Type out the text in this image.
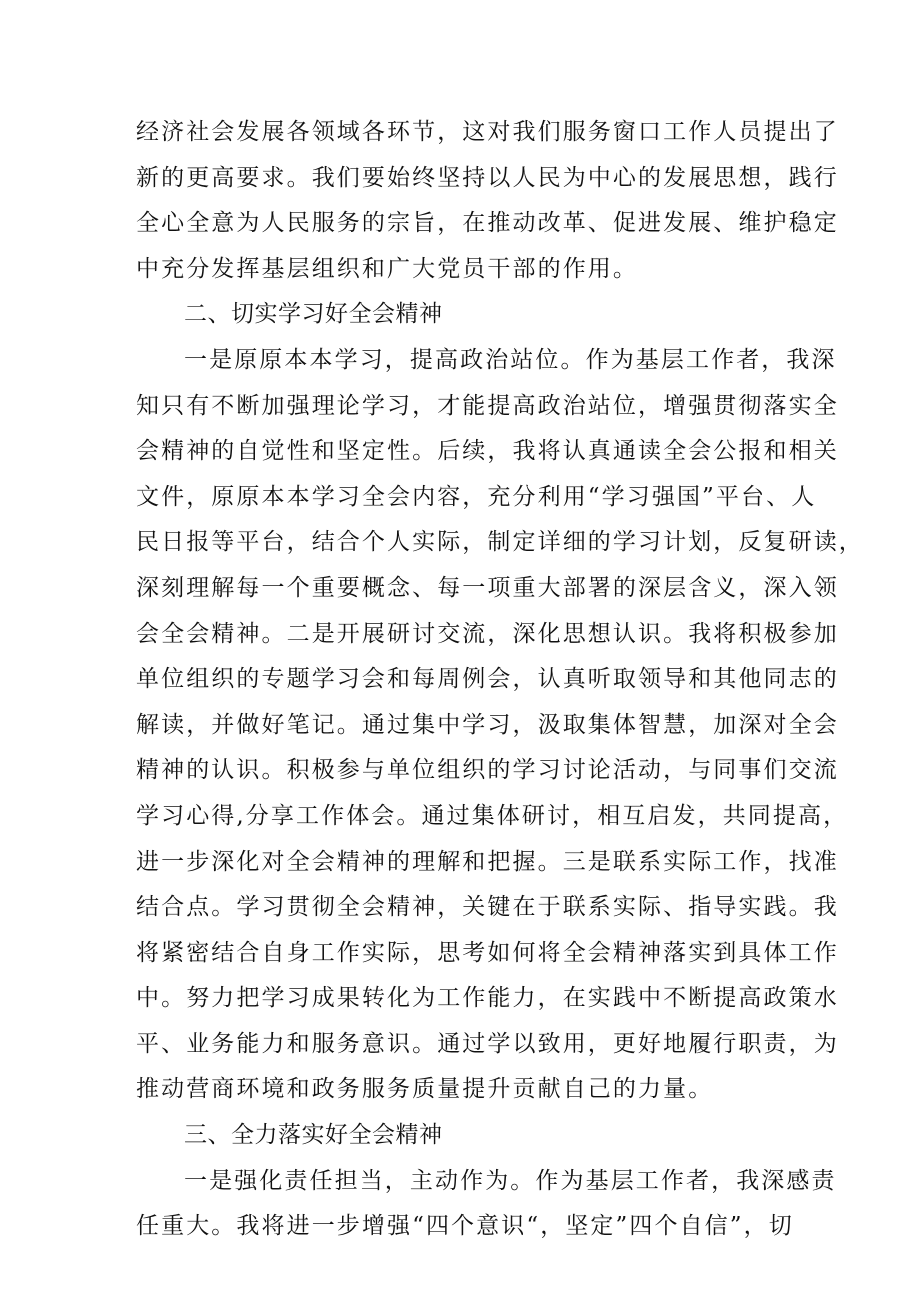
经济社会发展各领域各环节，这对我们服务窗口工作人员提出了
新的更高要求。我们要始终坚持以人民为中心的发展思想，践行
全心全意为人民服务的宗旨，在推动改革、促进发展、维护稳定
中充分发挥基层组织和广大党员干部的作用。
二、切实学习好全会精神
一是原原本本学习，提高政治站位。作为基层工作者，我深
知只有不断加强理论学习，才能提高政治站位，增强贯彻落实全
会精神的自觉性和坚定性。后续，我将认真通读全会公报和相关
文件，原原本本学习全会内容，充分利用“学习强国”平台、人
民日报等平台，结合个人实际，制定详细的学习计划，反复研读，
深刻理解每一个重要概念、每一项重大部署的深层含义，深入领
会全会精神。二是开展研讨交流，深化思想认识。我将积极参加
单位组织的专题学习会和每周例会，认真听取领导和其他同志的
解读，并做好笔记。通过集中学习，汲取集体智慧，加深对全会
精神的认识。积极参与单位组织的学习讨论活动，与同事们交流
学习心得,分享工作体会。通过集体研讨，相互启发，共同提高，
进一步深化对全会精神的理解和把握。三是联系实际工作，找准
结合点。学习贯彻全会精神，关键在于联系实际、指导实践。我
将紧密结合自身工作实际，思考如何将全会精神落实到具体工作
中。努力把学习成果转化为工作能力，在实践中不断提高政策水
平、业务能力和服务意识。通过学以致用，更好地履行职责，为
推动营商环境和政务服务质量提升贡献自己的力量。
三、全力落实好全会精神
一是强化责任担当，主动作为。作为基层工作者，我深感责
任重大。我将进一步增强“四个意识“，坚定”四个自信”，切
